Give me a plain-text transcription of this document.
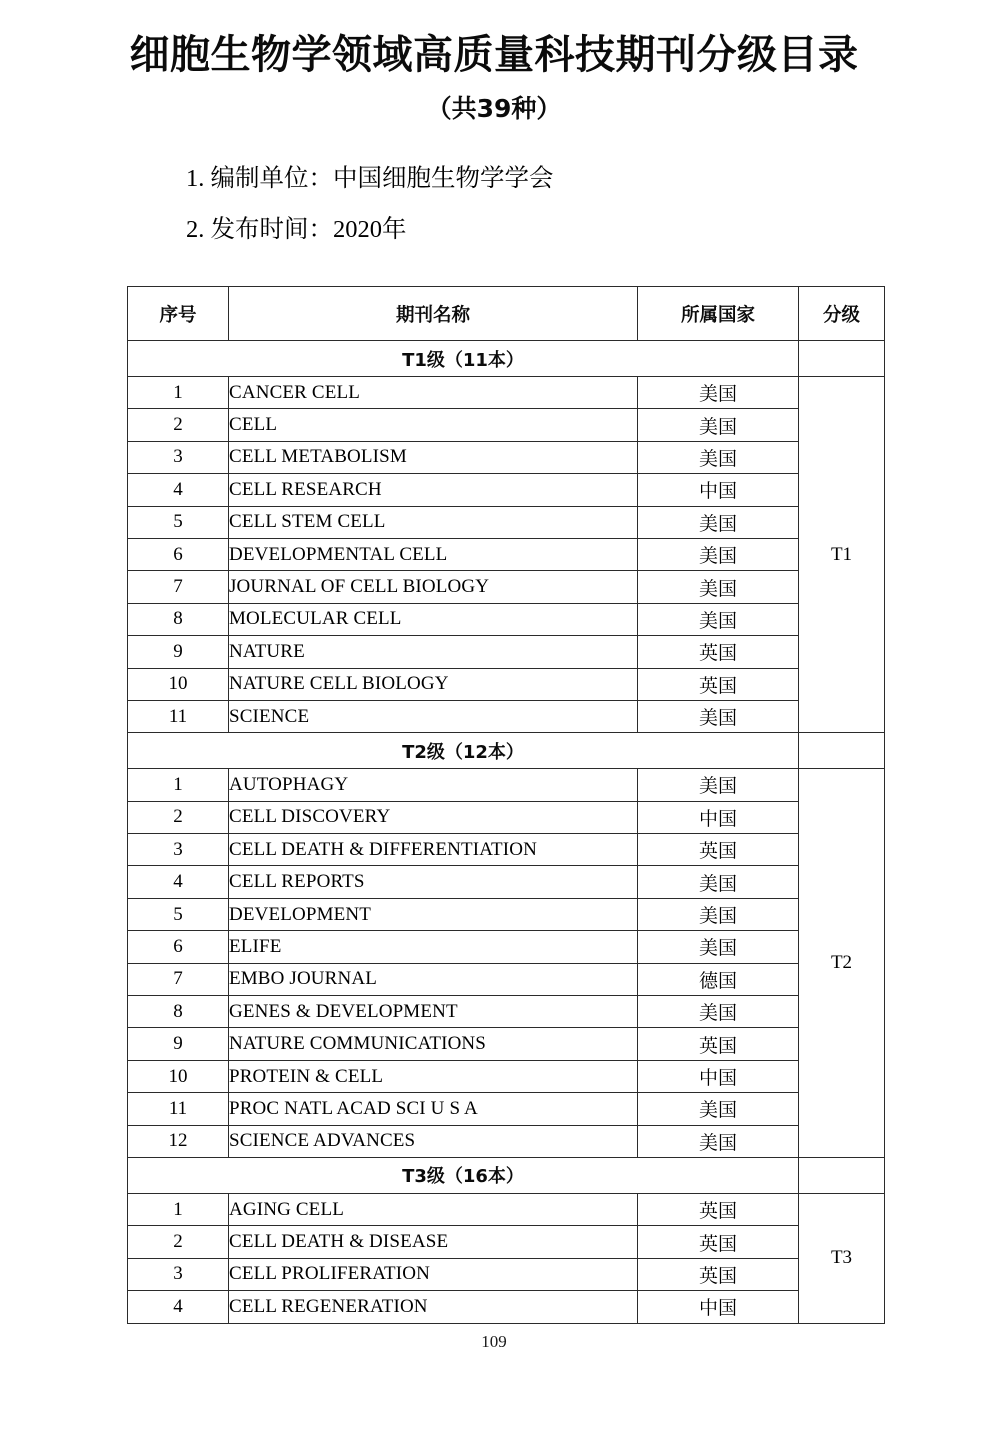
细胞生物学领域高质量科技期刊分级目录
（共39种）
1. 编制单位：中国细胞生物学学会
2. 发布时间：2020年
序号	期刊名称	所属国家	分级
T1级（11本）			
1	CANCER CELL	美国	T1
2	CELL	美国	
3	CELL METABOLISM	美国	
4	CELL RESEARCH	中国	
5	CELL STEM CELL	美国	
6	DEVELOPMENTAL CELL	美国	
7	JOURNAL OF CELL BIOLOGY	美国	
8	MOLECULAR CELL	美国	
9	NATURE	英国	
10	NATURE CELL BIOLOGY	英国	
11	SCIENCE	美国	
T2级（12本）			
1	AUTOPHAGY	美国	T2
2	CELL DISCOVERY	中国	
3	CELL DEATH & DIFFERENTIATION	英国	
4	CELL REPORTS	美国	
5	DEVELOPMENT	美国	
6	ELIFE	美国	
7	EMBO JOURNAL	德国	
8	GENES & DEVELOPMENT	美国	
9	NATURE COMMUNICATIONS	英国	
10	PROTEIN & CELL	中国	
11	PROC NATL ACAD SCI U S A	美国	
12	SCIENCE ADVANCES	美国	
T3级（16本）			
1	AGING CELL	英国	T3
2	CELL DEATH & DISEASE	英国	
3	CELL PROLIFERATION	英国	
4	CELL REGENERATION	中国	
109
